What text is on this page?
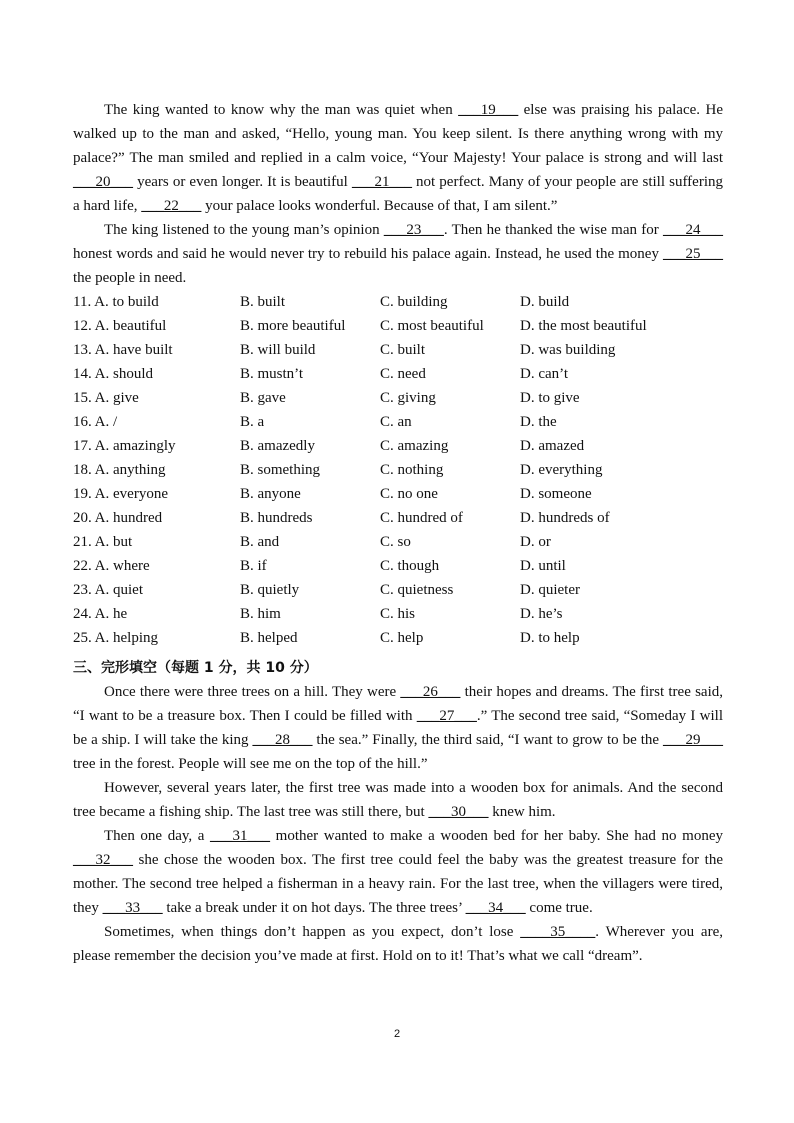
The king wanted to know why the man was quiet when ___19___ else was praising his palace. He walked up to the man and asked, “Hello, young man. You keep silent. Is there anything wrong with my palace?” The man smiled and replied in a calm voice, “Your Majesty! Your palace is strong and will last ___20___ years or even longer. It is beautiful ___21___ not perfect. Many of your people are still suffering a hard life, ___22___ your palace looks wonderful. Because of that, I am silent.”

The king listened to the young man’s opinion ___23___. Then he thanked the wise man for ___24___ honest words and said he would never try to rebuild his palace again. Instead, he used the money ___25___ the people in need.

11. A. to build	B. built	C. building	D. build
12. A. beautiful	B. more beautiful	C. most beautiful	D. the most beautiful
13. A. have built	B. will build	C. built	D. was building
14. A. should	B. mustn’t	C. need	D. can’t
15. A. give	B. gave	C. giving	D. to give
16. A. /	B. a	C. an	D. the
17. A. amazingly	B. amazedly	C. amazing	D. amazed
18. A. anything	B. something	C. nothing	D. everything
19. A. everyone	B. anyone	C. no one	D. someone
20. A. hundred	B. hundreds	C. hundred of	D. hundreds of
21. A. but	B. and	C. so	D. or
22. A. where	B. if	C. though	D. until
23. A. quiet	B. quietly	C. quietness	D. quieter
24. A. he	B. him	C. his	D. he’s
25. A. helping	B. helped	C. help	D. to help
三、完形填空（每题 1 分，共 10 分）

Once there were three trees on a hill. They were ___26___ their hopes and dreams. The first tree said, “I want to be a treasure box. Then I could be filled with ___27___.” The second tree said, “Someday I will be a ship. I will take the king ___28___ the sea.” Finally, the third said, “I want to grow to be the ___29___ tree in the forest. People will see me on the top of the hill.”

However, several years later, the first tree was made into a wooden box for animals. And the second tree became a fishing ship. The last tree was still there, but ___30___ knew him.

Then one day, a ___31___ mother wanted to make a wooden bed for her baby. She had no money ___32___ she chose the wooden box. The first tree could feel the baby was the greatest treasure for the mother. The second tree helped a fisherman in a heavy rain. For the last tree, when the villagers were tired, they ___33___ take a break under it on hot days. The three trees’ ___34___ come true.

Sometimes, when things don’t happen as you expect, don’t lose ____35____. Wherever you are, please remember the decision you’ve made at first. Hold on to it! That’s what we call “dream”.

2
